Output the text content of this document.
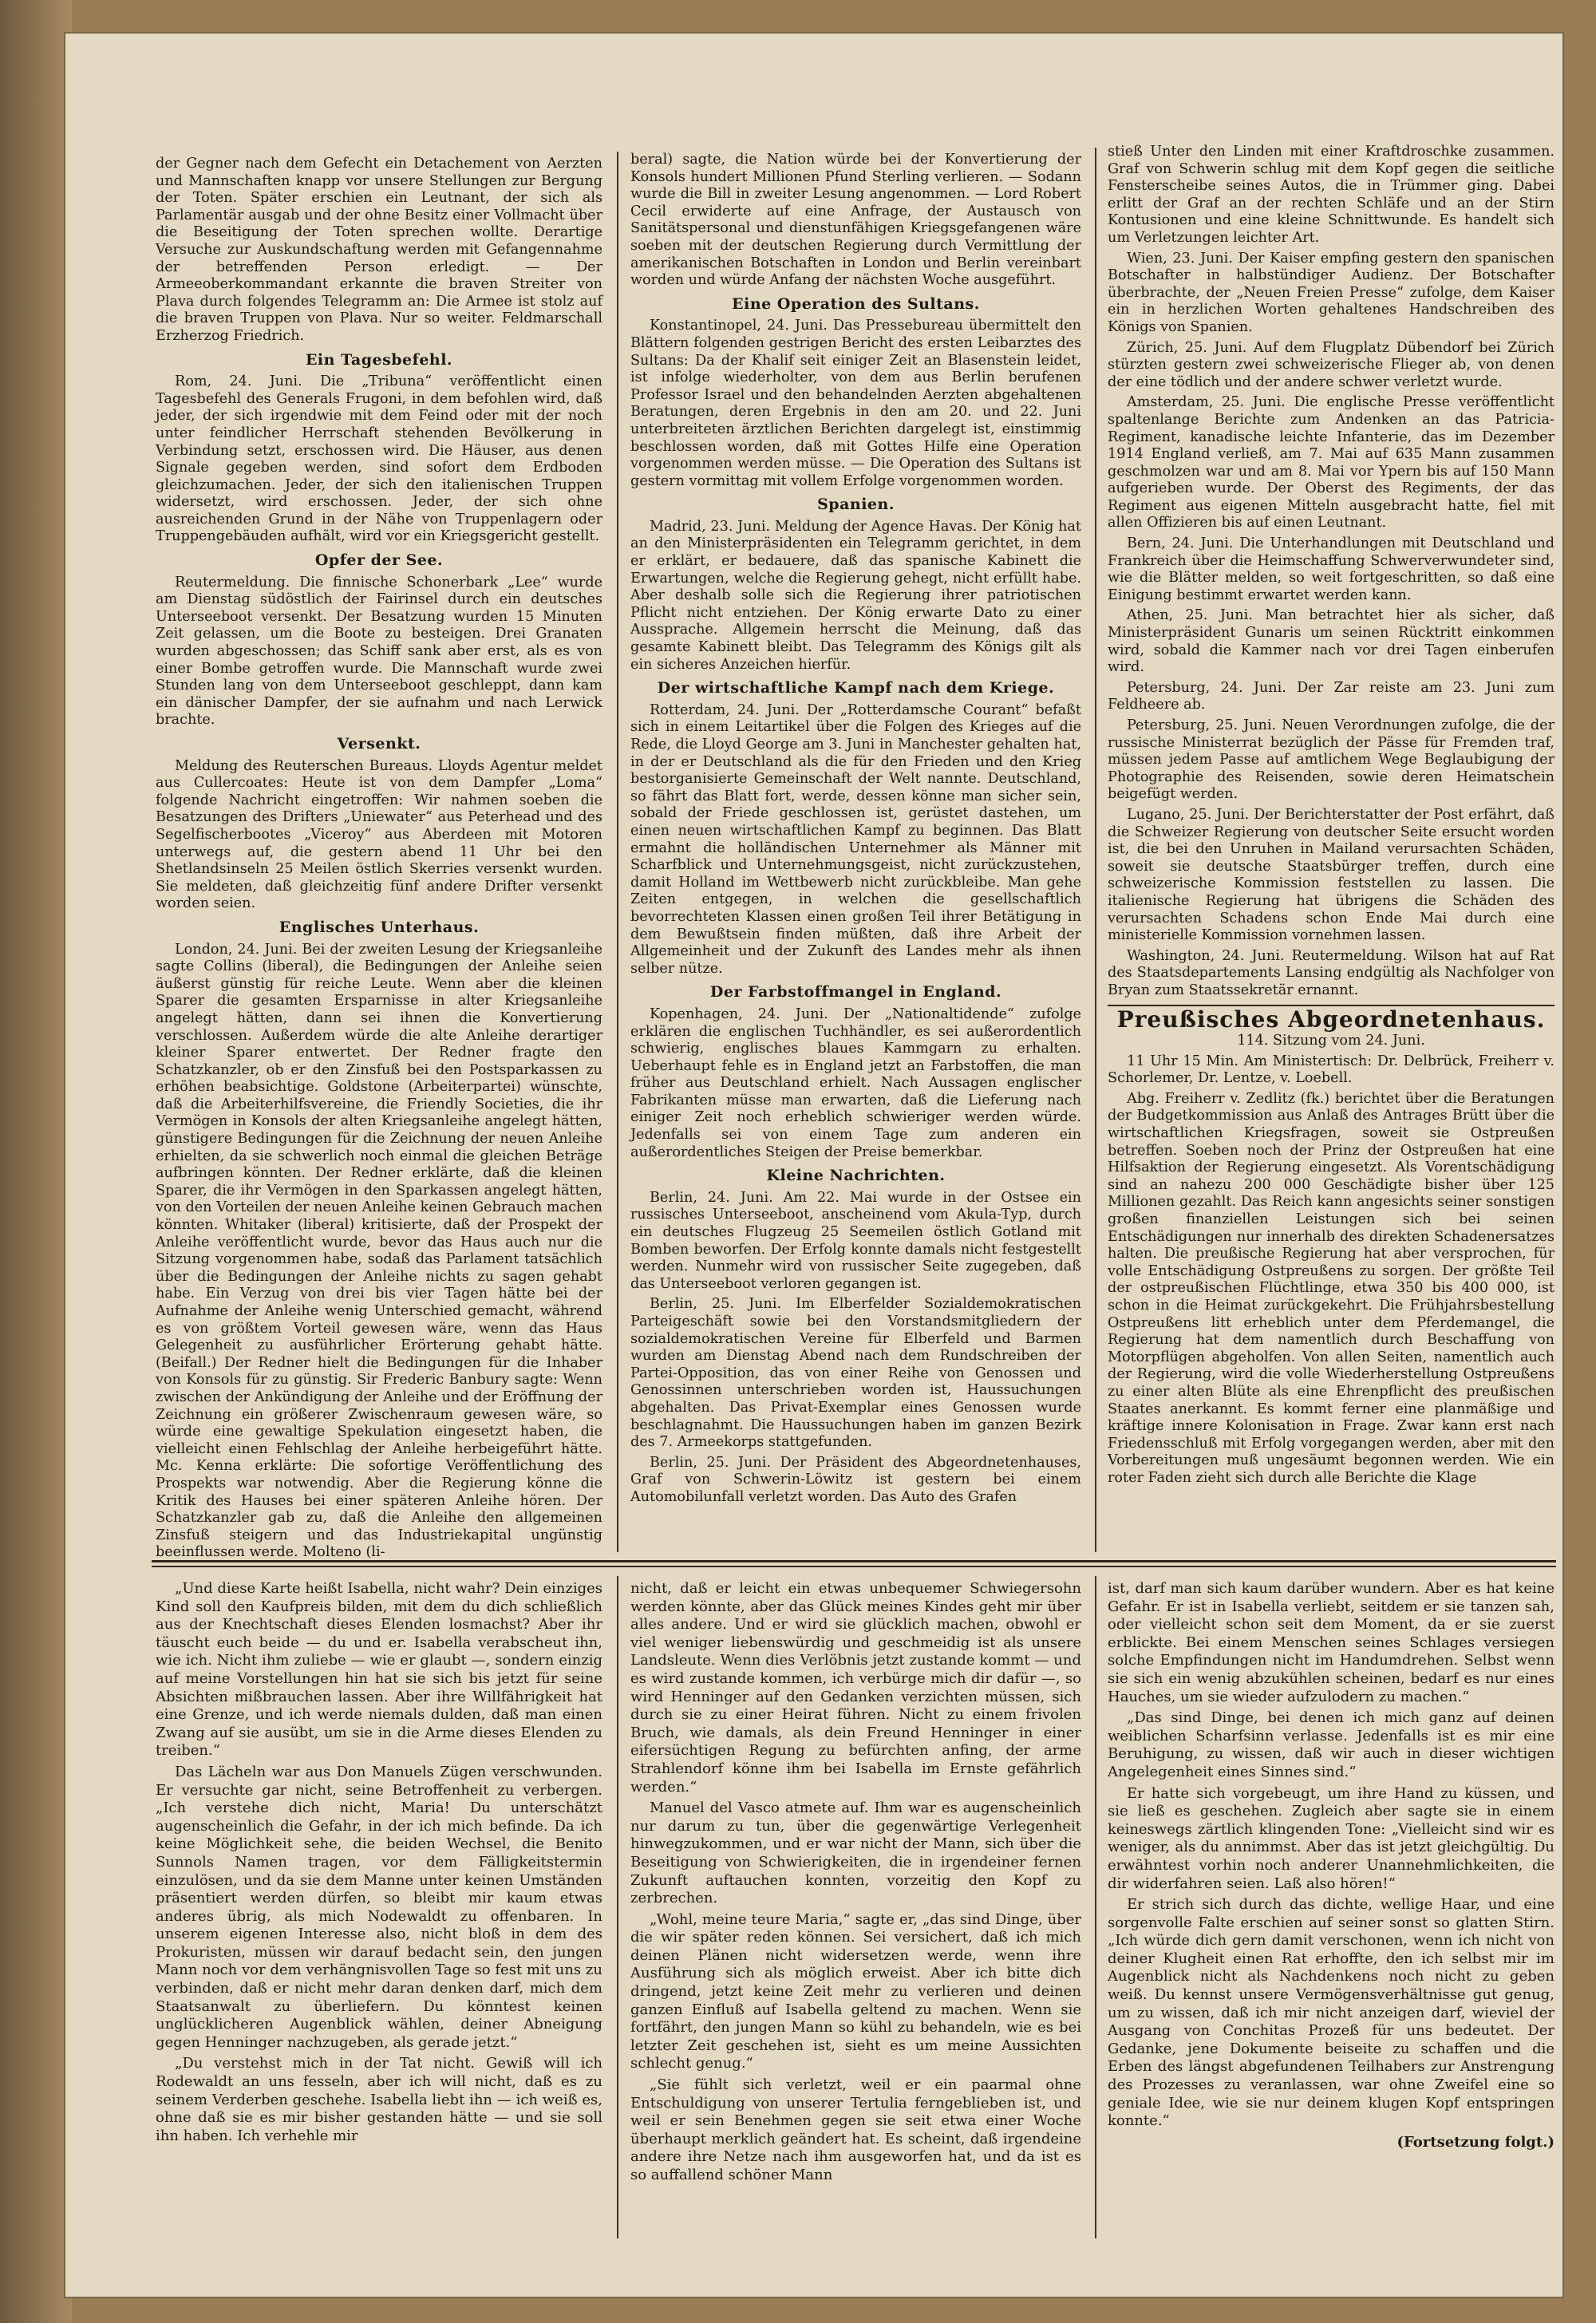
der Gegner nach dem Gefecht ein Detachement von Aerzten und Mannschaften knapp vor unsere Stellungen zur Bergung der Toten. Später erschien ein Leutnant, der sich als Parlamentär ausgab und der ohne Besitz einer Vollmacht über die Beseitigung der Toten sprechen wollte. Derartige Versuche zur Auskundschaftung werden mit Gefangennahme der betreffenden Person erledigt. — Der Armeeoberkommandant erkannte die braven Streiter von Plava durch folgendes Telegramm an: Die Armee ist stolz auf die braven Truppen von Plava. Nur so weiter. Feldmarschall Erzherzog Friedrich.

Ein Tagesbefehl.

Rom, 24. Juni. Die „Tribuna“ veröffentlicht einen Tagesbefehl des Generals Frugoni, in dem befohlen wird, daß jeder, der sich irgendwie mit dem Feind oder mit der noch unter feindlicher Herrschaft stehenden Bevölkerung in Verbindung setzt, erschossen wird. Die Häuser, aus denen Signale gegeben werden, sind sofort dem Erdboden gleichzumachen. Jeder, der sich den italienischen Truppen widersetzt, wird erschossen. Jeder, der sich ohne ausreichenden Grund in der Nähe von Truppenlagern oder Truppengebäuden aufhält, wird vor ein Kriegsgericht gestellt.

Opfer der See.

Reutermeldung. Die finnische Schonerbark „Lee“ wurde am Dienstag südöstlich der Fairinsel durch ein deutsches Unterseeboot versenkt. Der Besatzung wurden 15 Minuten Zeit gelassen, um die Boote zu besteigen. Drei Granaten wurden abgeschossen; das Schiff sank aber erst, als es von einer Bombe getroffen wurde. Die Mannschaft wurde zwei Stunden lang von dem Unterseeboot geschleppt, dann kam ein dänischer Dampfer, der sie aufnahm und nach Lerwick brachte.

Versenkt.

Meldung des Reuterschen Bureaus. Lloyds Agentur meldet aus Cullercoates: Heute ist von dem Dampfer „Loma“ folgende Nachricht eingetroffen: Wir nahmen soeben die Besatzungen des Drifters „Uniewater“ aus Peterhead und des Segelfischerbootes „Viceroy“ aus Aberdeen mit Motoren unterwegs auf, die gestern abend 11 Uhr bei den Shetlandsinseln 25 Meilen östlich Skerries versenkt wurden. Sie meldeten, daß gleichzeitig fünf andere Drifter versenkt worden seien.

Englisches Unterhaus.

London, 24. Juni. Bei der zweiten Lesung der Kriegsanleihe sagte Collins (liberal), die Bedingungen der Anleihe seien äußerst günstig für reiche Leute. Wenn aber die kleinen Sparer die gesamten Ersparnisse in alter Kriegsanleihe angelegt hätten, dann sei ihnen die Konvertierung verschlossen. Außerdem würde die alte Anleihe derartiger kleiner Sparer entwertet. Der Redner fragte den Schatzkanzler, ob er den Zinsfuß bei den Postsparkassen zu erhöhen beabsichtige. Goldstone (Arbeiterpartei) wünschte, daß die Arbeiterhilfsvereine, die Friendly Societies, die ihr Vermögen in Konsols der alten Kriegsanleihe angelegt hätten, günstigere Bedingungen für die Zeichnung der neuen Anleihe erhielten, da sie schwerlich noch einmal die gleichen Beträge aufbringen könnten. Der Redner erklärte, daß die kleinen Sparer, die ihr Vermögen in den Sparkassen angelegt hätten, von den Vorteilen der neuen Anleihe keinen Gebrauch machen könnten. Whitaker (liberal) kritisierte, daß der Prospekt der Anleihe veröffentlicht wurde, bevor das Haus auch nur die Sitzung vorgenommen habe, sodaß das Parlament tatsächlich über die Bedingungen der Anleihe nichts zu sagen gehabt habe. Ein Verzug von drei bis vier Tagen hätte bei der Aufnahme der Anleihe wenig Unterschied gemacht, während es von größtem Vorteil gewesen wäre, wenn das Haus Gelegenheit zu ausführlicher Erörterung gehabt hätte. (Beifall.) Der Redner hielt die Bedingungen für die Inhaber von Konsols für zu günstig. Sir Frederic Banbury sagte: Wenn zwischen der Ankündigung der Anleihe und der Eröffnung der Zeichnung ein größerer Zwischenraum gewesen wäre, so würde eine gewaltige Spekulation eingesetzt haben, die vielleicht einen Fehlschlag der Anleihe herbeigeführt hätte. Mc. Kenna erklärte: Die sofortige Veröffentlichung des Prospekts war notwendig. Aber die Regierung könne die Kritik des Hauses bei einer späteren Anleihe hören. Der Schatzkanzler gab zu, daß die Anleihe den allgemeinen Zinsfuß steigern und das Industriekapital ungünstig beeinflussen werde. Molteno (li-

beral) sagte, die Nation würde bei der Konvertierung der Konsols hundert Millionen Pfund Sterling verlieren. — Sodann wurde die Bill in zweiter Lesung angenommen. — Lord Robert Cecil erwiderte auf eine Anfrage, der Austausch von Sanitätspersonal und dienstunfähigen Kriegsgefangenen wäre soeben mit der deutschen Regierung durch Vermittlung der amerikanischen Botschaften in London und Berlin vereinbart worden und würde Anfang der nächsten Woche ausgeführt.

Eine Operation des Sultans.

Konstantinopel, 24. Juni. Das Pressebureau übermittelt den Blättern folgenden gestrigen Bericht des ersten Leibarztes des Sultans: Da der Khalif seit einiger Zeit an Blasenstein leidet, ist infolge wiederholter, von dem aus Berlin berufenen Professor Israel und den behandelnden Aerzten abgehaltenen Beratungen, deren Ergebnis in den am 20. und 22. Juni unterbreiteten ärztlichen Berichten dargelegt ist, einstimmig beschlossen worden, daß mit Gottes Hilfe eine Operation vorgenommen werden müsse. — Die Operation des Sultans ist gestern vormittag mit vollem Erfolge vorgenommen worden.

Spanien.

Madrid, 23. Juni. Meldung der Agence Havas. Der König hat an den Ministerpräsidenten ein Telegramm gerichtet, in dem er erklärt, er bedauere, daß das spanische Kabinett die Erwartungen, welche die Regierung gehegt, nicht erfüllt habe. Aber deshalb solle sich die Regierung ihrer patriotischen Pflicht nicht entziehen. Der König erwarte Dato zu einer Aussprache. Allgemein herrscht die Meinung, daß das gesamte Kabinett bleibt. Das Telegramm des Königs gilt als ein sicheres Anzeichen hierfür.

Der wirtschaftliche Kampf nach dem Kriege.

Rotterdam, 24. Juni. Der „Rotterdamsche Courant“ befaßt sich in einem Leitartikel über die Folgen des Krieges auf die Rede, die Lloyd George am 3. Juni in Manchester gehalten hat, in der er Deutschland als die für den Frieden und den Krieg bestorganisierte Gemeinschaft der Welt nannte. Deutschland, so fährt das Blatt fort, werde, dessen könne man sicher sein, sobald der Friede geschlossen ist, gerüstet dastehen, um einen neuen wirtschaftlichen Kampf zu beginnen. Das Blatt ermahnt die holländischen Unternehmer als Männer mit Scharfblick und Unternehmungsgeist, nicht zurückzustehen, damit Holland im Wettbewerb nicht zurückbleibe. Man gehe Zeiten entgegen, in welchen die gesellschaftlich bevorrechteten Klassen einen großen Teil ihrer Betätigung in dem Bewußtsein finden müßten, daß ihre Arbeit der Allgemeinheit und der Zukunft des Landes mehr als ihnen selber nütze.

Der Farbstoffmangel in England.

Kopenhagen, 24. Juni. Der „Nationaltidende“ zufolge erklären die englischen Tuchhändler, es sei außerordentlich schwierig, englisches blaues Kammgarn zu erhalten. Ueberhaupt fehle es in England jetzt an Farbstoffen, die man früher aus Deutschland erhielt. Nach Aussagen englischer Fabrikanten müsse man erwarten, daß die Lieferung nach einiger Zeit noch erheblich schwieriger werden würde. Jedenfalls sei von einem Tage zum anderen ein außerordentliches Steigen der Preise bemerkbar.

Kleine Nachrichten.

Berlin, 24. Juni. Am 22. Mai wurde in der Ostsee ein russisches Unterseeboot, anscheinend vom Akula-Typ, durch ein deutsches Flugzeug 25 Seemeilen östlich Gotland mit Bomben beworfen. Der Erfolg konnte damals nicht festgestellt werden. Nunmehr wird von russischer Seite zugegeben, daß das Unterseeboot verloren gegangen ist.

Berlin, 25. Juni. Im Elberfelder Sozialdemokratischen Parteigeschäft sowie bei den Vorstandsmitgliedern der sozialdemokratischen Vereine für Elberfeld und Barmen wurden am Dienstag Abend nach dem Rundschreiben der Partei-Opposition, das von einer Reihe von Genossen und Genossinnen unterschrieben worden ist, Haussuchungen abgehalten. Das Privat-Exemplar eines Genossen wurde beschlagnahmt. Die Haussuchungen haben im ganzen Bezirk des 7. Armeekorps stattgefunden.

Berlin, 25. Juni. Der Präsident des Abgeordnetenhauses, Graf von Schwerin-Löwitz ist gestern bei einem Automobilunfall verletzt worden. Das Auto des Grafen

stieß Unter den Linden mit einer Kraftdroschke zusammen. Graf von Schwerin schlug mit dem Kopf gegen die seitliche Fensterscheibe seines Autos, die in Trümmer ging. Dabei erlitt der Graf an der rechten Schläfe und an der Stirn Kontusionen und eine kleine Schnittwunde. Es handelt sich um Verletzungen leichter Art.

Wien, 23. Juni. Der Kaiser empfing gestern den spanischen Botschafter in halbstündiger Audienz. Der Botschafter überbrachte, der „Neuen Freien Presse“ zufolge, dem Kaiser ein in herzlichen Worten gehaltenes Handschreiben des Königs von Spanien.

Zürich, 25. Juni. Auf dem Flugplatz Dübendorf bei Zürich stürzten gestern zwei schweizerische Flieger ab, von denen der eine tödlich und der andere schwer verletzt wurde.

Amsterdam, 25. Juni. Die englische Presse veröffentlicht spaltenlange Berichte zum Andenken an das Patricia-Regiment, kanadische leichte Infanterie, das im Dezember 1914 England verließ, am 7. Mai auf 635 Mann zusammen geschmolzen war und am 8. Mai vor Ypern bis auf 150 Mann aufgerieben wurde. Der Oberst des Regiments, der das Regiment aus eigenen Mitteln ausgebracht hatte, fiel mit allen Offizieren bis auf einen Leutnant.

Bern, 24. Juni. Die Unterhandlungen mit Deutschland und Frankreich über die Heimschaffung Schwerverwundeter sind, wie die Blätter melden, so weit fortgeschritten, so daß eine Einigung bestimmt erwartet werden kann.

Athen, 25. Juni. Man betrachtet hier als sicher, daß Ministerpräsident Gunaris um seinen Rücktritt einkommen wird, sobald die Kammer nach vor drei Tagen einberufen wird.

Petersburg, 24. Juni. Der Zar reiste am 23. Juni zum Feldheere ab.

Petersburg, 25. Juni. Neuen Verordnungen zufolge, die der russische Ministerrat bezüglich der Pässe für Fremden traf, müssen jedem Passe auf amtlichem Wege Beglaubigung der Photographie des Reisenden, sowie deren Heimatschein beigefügt werden.

Lugano, 25. Juni. Der Berichterstatter der Post erfährt, daß die Schweizer Regierung von deutscher Seite ersucht worden ist, die bei den Unruhen in Mailand verursachten Schäden, soweit sie deutsche Staatsbürger treffen, durch eine schweizerische Kommission feststellen zu lassen. Die italienische Regierung hat übrigens die Schäden des verursachten Schadens schon Ende Mai durch eine ministerielle Kommission vornehmen lassen.

Washington, 24. Juni. Reutermeldung. Wilson hat auf Rat des Staatsdepartements Lansing endgültig als Nachfolger von Bryan zum Staatssekretär ernannt.

Preußisches Abgeordnetenhaus.

114. Sitzung vom 24. Juni.

11 Uhr 15 Min. Am Ministertisch: Dr. Delbrück, Freiherr v. Schorlemer, Dr. Lentze, v. Loebell.

Abg. Freiherr v. Zedlitz (fk.) berichtet über die Beratungen der Budgetkommission aus Anlaß des Antrages Brütt über die wirtschaftlichen Kriegsfragen, soweit sie Ostpreußen betreffen. Soeben noch der Prinz der Ostpreußen hat eine Hilfsaktion der Regierung eingesetzt. Als Vorentschädigung sind an nahezu 200 000 Geschädigte bisher über 125 Millionen gezahlt. Das Reich kann angesichts seiner sonstigen großen finanziellen Leistungen sich bei seinen Entschädigungen nur innerhalb des direkten Schadenersatzes halten. Die preußische Regierung hat aber versprochen, für volle Entschädigung Ostpreußens zu sorgen. Der größte Teil der ostpreußischen Flüchtlinge, etwa 350 bis 400 000, ist schon in die Heimat zurückgekehrt. Die Frühjahrsbestellung Ostpreußens litt erheblich unter dem Pferdemangel, die Regierung hat dem namentlich durch Beschaffung von Motorpflügen abgeholfen. Von allen Seiten, namentlich auch der Regierung, wird die volle Wiederherstellung Ostpreußens zu einer alten Blüte als eine Ehrenpflicht des preußischen Staates anerkannt. Es kommt ferner eine planmäßige und kräftige innere Kolonisation in Frage. Zwar kann erst nach Friedensschluß mit Erfolg vorgegangen werden, aber mit den Vorbereitungen muß ungesäumt begonnen werden. Wie ein roter Faden zieht sich durch alle Berichte die Klage

„Und diese Karte heißt Isabella, nicht wahr? Dein einziges Kind soll den Kaufpreis bilden, mit dem du dich schließlich aus der Knechtschaft dieses Elenden losmachst? Aber ihr täuscht euch beide — du und er. Isabella verabscheut ihn, wie ich. Nicht ihm zuliebe — wie er glaubt —, sondern einzig auf meine Vorstellungen hin hat sie sich bis jetzt für seine Absichten mißbrauchen lassen. Aber ihre Willfährigkeit hat eine Grenze, und ich werde niemals dulden, daß man einen Zwang auf sie ausübt, um sie in die Arme dieses Elenden zu treiben.“

Das Lächeln war aus Don Manuels Zügen verschwunden. Er versuchte gar nicht, seine Betroffenheit zu verbergen. „Ich verstehe dich nicht, Maria! Du unterschätzt augenscheinlich die Gefahr, in der ich mich befinde. Da ich keine Möglichkeit sehe, die beiden Wechsel, die Benito Sunnols Namen tragen, vor dem Fälligkeitstermin einzulösen, und da sie dem Manne unter keinen Umständen präsentiert werden dürfen, so bleibt mir kaum etwas anderes übrig, als mich Nodewaldt zu offenbaren. In unserem eigenen Interesse also, nicht bloß in dem des Prokuristen, müssen wir darauf bedacht sein, den jungen Mann noch vor dem verhängnisvollen Tage so fest mit uns zu verbinden, daß er nicht mehr daran denken darf, mich dem Staatsanwalt zu überliefern. Du könntest keinen unglücklicheren Augenblick wählen, deiner Abneigung gegen Henninger nachzugeben, als gerade jetzt.“

„Du verstehst mich in der Tat nicht. Gewiß will ich Rodewaldt an uns fesseln, aber ich will nicht, daß es zu seinem Verderben geschehe. Isabella liebt ihn — ich weiß es, ohne daß sie es mir bisher gestanden hätte — und sie soll ihn haben. Ich verhehle mir

nicht, daß er leicht ein etwas unbequemer Schwiegersohn werden könnte, aber das Glück meines Kindes geht mir über alles andere. Und er wird sie glücklich machen, obwohl er viel weniger liebenswürdig und geschmeidig ist als unsere Landsleute. Wenn dies Verlöbnis jetzt zustande kommt — und es wird zustande kommen, ich verbürge mich dir dafür —, so wird Henninger auf den Gedanken verzichten müssen, sich durch sie zu einer Heirat führen. Nicht zu einem frivolen Bruch, wie damals, als dein Freund Henninger in einer eifersüchtigen Regung zu befürchten anfing, der arme Strahlendorf könne ihm bei Isabella im Ernste gefährlich werden.“

Manuel del Vasco atmete auf. Ihm war es augenscheinlich nur darum zu tun, über die gegenwärtige Verlegenheit hinwegzukommen, und er war nicht der Mann, sich über die Beseitigung von Schwierigkeiten, die in irgendeiner fernen Zukunft auftauchen konnten, vorzeitig den Kopf zu zerbrechen.

„Wohl, meine teure Maria,“ sagte er, „das sind Dinge, über die wir später reden können. Sei versichert, daß ich mich deinen Plänen nicht widersetzen werde, wenn ihre Ausführung sich als möglich erweist. Aber ich bitte dich dringend, jetzt keine Zeit mehr zu verlieren und deinen ganzen Einfluß auf Isabella geltend zu machen. Wenn sie fortfährt, den jungen Mann so kühl zu behandeln, wie es bei letzter Zeit geschehen ist, sieht es um meine Aussichten schlecht genug.“

„Sie fühlt sich verletzt, weil er ein paarmal ohne Entschuldigung von unserer Tertulia ferngeblieben ist, und weil er sein Benehmen gegen sie seit etwa einer Woche überhaupt merklich geändert hat. Es scheint, daß irgendeine andere ihre Netze nach ihm ausgeworfen hat, und da ist es so auffallend schöner Mann

ist, darf man sich kaum darüber wundern. Aber es hat keine Gefahr. Er ist in Isabella verliebt, seitdem er sie tanzen sah, oder vielleicht schon seit dem Moment, da er sie zuerst erblickte. Bei einem Menschen seines Schlages versiegen solche Empfindungen nicht im Handumdrehen. Selbst wenn sie sich ein wenig abzukühlen scheinen, bedarf es nur eines Hauches, um sie wieder aufzulodern zu machen.“

„Das sind Dinge, bei denen ich mich ganz auf deinen weiblichen Scharfsinn verlasse. Jedenfalls ist es mir eine Beruhigung, zu wissen, daß wir auch in dieser wichtigen Angelegenheit eines Sinnes sind.“

Er hatte sich vorgebeugt, um ihre Hand zu küssen, und sie ließ es geschehen. Zugleich aber sagte sie in einem keineswegs zärtlich klingenden Tone: „Vielleicht sind wir es weniger, als du annimmst. Aber das ist jetzt gleichgültig. Du erwähntest vorhin noch anderer Unannehmlichkeiten, die dir widerfahren seien. Laß also hören!“

Er strich sich durch das dichte, wellige Haar, und eine sorgenvolle Falte erschien auf seiner sonst so glatten Stirn. „Ich würde dich gern damit verschonen, wenn ich nicht von deiner Klugheit einen Rat erhoffte, den ich selbst mir im Augenblick nicht als Nachdenkens noch nicht zu geben weiß. Du kennst unsere Vermögensverhältnisse gut genug, um zu wissen, daß ich mir nicht anzeigen darf, wieviel der Ausgang von Conchitas Prozeß für uns bedeutet. Der Gedanke, jene Dokumente beiseite zu schaffen und die Erben des längst abgefundenen Teilhabers zur Anstrengung des Prozesses zu veranlassen, war ohne Zweifel eine so geniale Idee, wie sie nur deinem klugen Kopf entspringen konnte.“

(Fortsetzung folgt.)
